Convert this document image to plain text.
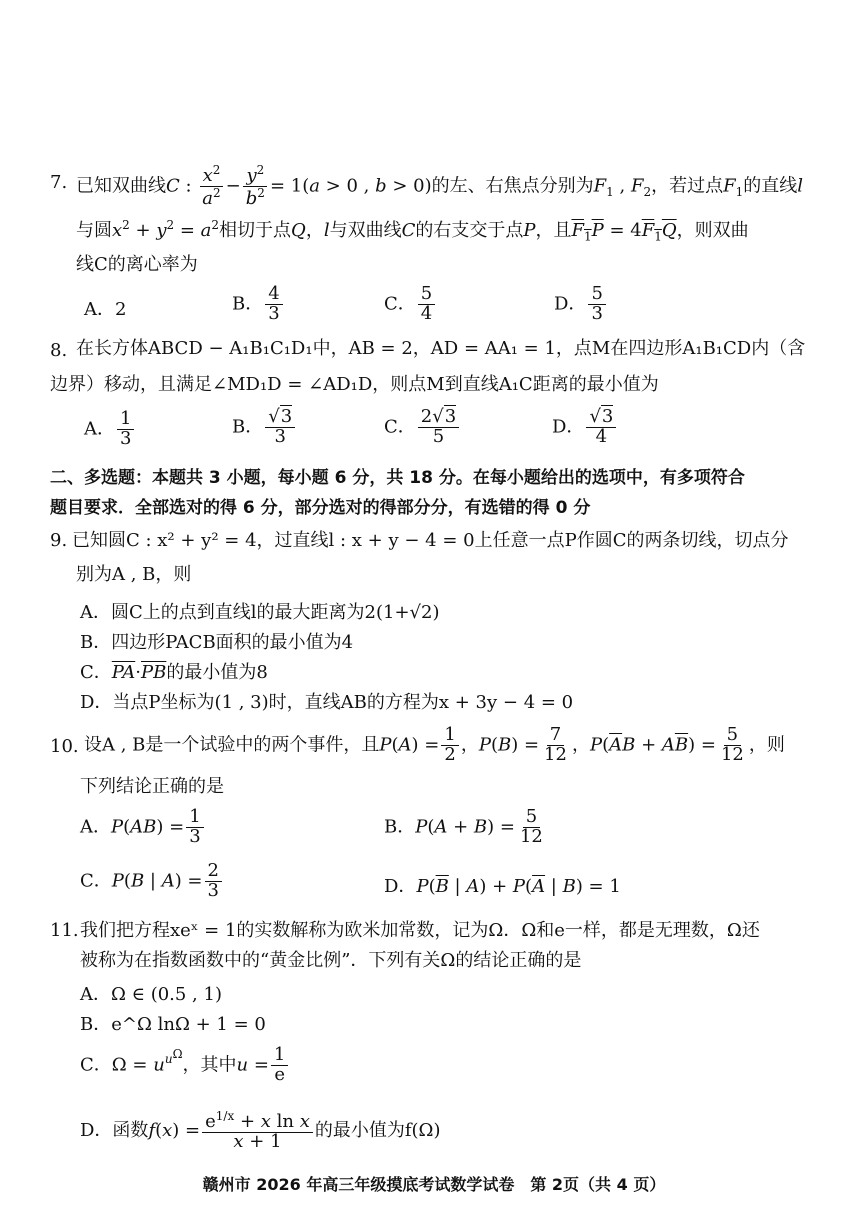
7. 已知双曲线C : $\frac{x^2}{a^2} - \frac{y^2}{b^2} = 1(a > 0$ , b > 0)的左、右焦点分别为$F_1$ , $F_2$，若过点$F_1$的直线l
与圆$x^2 + y^2 = a^2$相切于点Q，l与双曲线C的右支交于点P，且$F_1P = 4F_1Q$，则双曲
线C的离心率为
A．2	B． $\frac{4}{3}$	C． $\frac{5}{4}$	D． $\frac{5}{3}$
8. 在长方体ABCD − A₁B₁C₁D₁中，AB = 2，AD = AA₁ = 1，点M在四边形A₁B₁CD内（含
边界）移动，且满足∠MD₁D = ∠AD₁D，则点M到直线A₁C距离的最小值为
A． $\frac{1}{3}$	B． $\frac{√3}{3}$	C． $\frac{2√3}{5}$	D． $\frac{√3}{4}$
二、多选题：本题共 3 小题，每小题 6 分，共 18 分。在每小题给出的选项中，有多项符合
题目要求．全部选对的得 6 分，部分选对的得部分分，有选错的得 0 分
9. 已知圆C : x² + y² = 4，过直线l : x + y − 4 = 0上任意一点P作圆C的两条切线，切点分
别为A , B，则
A．圆C上的点到直线l的最大距离为2(1+√2)
B．四边形PACB面积的最小值为4
C．$\overline{PA}\cdot\overline{PB}$的最小值为8
D．当点P坐标为(1 , 3)时，直线AB的方程为x + 3y − 4 = 0
10. 设A , B是一个试验中的两个事件，且$P(A) = \frac{1}{2}$ ，$P(B) = \frac{7}{12}$ ，$P(\overline{A}B + A\overline{B}) = \frac{5}{12}$ ，则
下列结论正确的是
A．$P(AB) = \frac{1}{3}$	B．$P(A + B) = \frac{5}{12}$
C．P(B | $A) = \frac{2}{3}$	D．$P(\overline{B}$ | $A) + P(\overline{A}$ | B) = 1
11. 我们把方程xeˣ = 1的实数解称为欧米加常数，记为Ω．Ω和e一样，都是无理数，Ω还
被称为在指数函数中的“黄金比例”．下列有关Ω的结论正确的是
A．Ω ∈ (0.5 , 1)
B．e^Ω lnΩ + 1 = 0
C．$\Omega = u^{u^\Omega}$，其中$u = \frac{1}{e}$
D．函数$f(x) = \frac{e^{1/x} + x \ln x}{x + 1}$ 的最小值为f(Ω)
赣州市 2026 年高三年级摸底考试数学试卷　第 2页（共 4 页）
